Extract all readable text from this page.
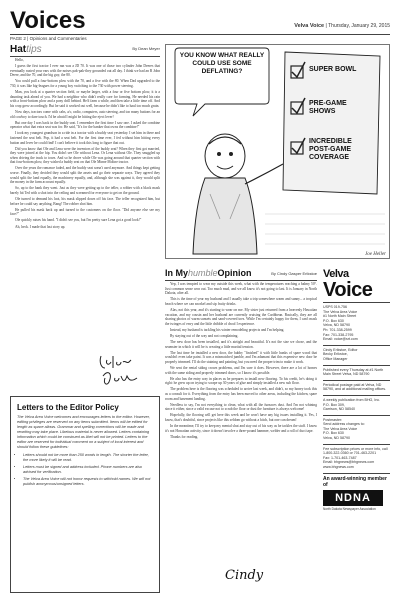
Voices	Velva Voice | Thursday, January 29, 2015
PAGE 2 | Opinions and Commentaries
Hattips	By Dean Meyer

Hello,

I guess the first tractor I ever ran was a JD 70. It was one of those two cylinder John Deeres that eventually rusted your ears with the noises pak-pak-they grounded out all day. I think we had an R John Deere, and the 70, and the big guy, the 80.

You could pull a four-bottom plow with the 70, and a five with the 80. When Dad upgraded to the 730, it was like big-leagues for a young boy switching to the 730 with power steering.

Man, you look at a quarter section field, or maybe larger, with a four or five bottom plow, it is a daunting task ahead of you. We had a neighbor who didn't really care for farming. He needed his rain with a front-bottom plow and a pony drill behind. He'd farm a while, and then take a little time off. And his crop grew accordingly. But he said it worked out well, because he didn't like to haul too much grain.

Now days, tractors come with cabs, a/c, radio, computers, auto steering, and too many buttons for an old cowboy to dare touch. I'd be afraid I might be hitting the eject lever!

But one day I was back in the buddy seat. I remember the first time I saw one. I asked the combine operator what that extra seat was for. He said, "It's for the banker that owns the combine!"

I took my youngest grandson in a ride in a tractor with a buddy seat yesterday. I set him in there and fastened the seat belt. Pop, it had a seat belt. For the first time ever, I fed without him hitting every button and lever he could find! I can't believe it took this long to figure that out.

Did you know that Ole and Lena were the inventors of the buddy seat? When they first got married, they were joined at the hip. You didn't see Ole without Lena. Or Lena without Ole. They snuggled up when driving the truck to town. And so he drove while Ole was going around that quarter section with that four-bottom plow, they wished a buddy seat on that Ole Minne Moline tractor.

Over the years the romance faded, and the buddy seat wasn't used anymore. And things kept getting worse. Finally, they decided they would split the assets and go their separate ways. They agreed they would split the land equally, the machinery equally, and, although she was against it, they would split the money in the farm account equally.

So, up to the bank they went. Just as they were getting up to the teller, a robber with a black mask barely hit Ted with a shot into the ceiling and screamed for everyone to get on the ground.

Ole turned to demand his loot, his mask slipped down off his face. The teller recognized him, but before he could say anything, Bang! The robber shot him.

He pulled his mask back up and turned to the customers on the floor. "Did anyone else see my face?"

Ole quickly raises his hand. "I didn't see you, but I'm pretty sure Lena got a good look!"

Ah, heck. I made that last story up.

YOU KNOW WHAT REALLY COULD USE SOME DEFLATING?	SUPER BOWL
PRE-GAME SHOWS
INCREDIBLE POST-GAME COVERAGE
Joe Heller
In MyhumbleOpinion	By Cindy Gasper Erikstoe

Yep, I was tempted to wear my outside this week, what with the temperatures reaching a balmy 50°. Just common sense won out. Too much mud, and we all know it's not going to last. It is January in North Dakota, after all.

This is the time of year my husband and I usually take a trip somewhere warm and sunny... a tropical beach where we can snorkel and sip fruity drinks.

Alas, not this year, and it's starting to wear on me. My sister just returned from a heavenly Hawaiian vacation, and my cousin and her husband are currently cruising the Caribbean. Basically, they are all sharing photos of warm sunsets and sand-covered toes. While I'm certainly happy for them, I can't mask the twinges of envy and the little dribble of drool I experience.

Instead, my husband is tackling his winter remodeling projects and I'm helping.

By staying out of the way and not complaining.

The new door has been installed, and it's airtight and beautiful. It's not the size we chose, and the seamster in which it will be is creating a little marital tension.

The last time he installed a new door, the hubby "finished" it with little hunks of spare wood that wouldn't even take paint. It was a mismatched jumble, and I'm adamant that this expensive new door be properly trimmed. I'll do the staining and painting, but you need the proper trim to make it work.

We sent the rental siding crown problems, and I'm sure it does. However, there are a lot of homes with the same siding and properly trimmed doors, so I know it's possible.

He also has the entry way in places as he prepares to install new flooring. To his credit, he's doing it right: he grew up on trying to scrape up 30 years of glue and simply installed a new sub floor.

The problem here is the flooring was scheduled to arrive last week, and didn't, so my honey took this as a consult for it. Everything from the entry has been moved to other areas, including the kitchen, spare room and basement landing.

Needless to say, I'm not everything to clean, what with all the furnaces dust. And I'm not whining since it either, since a valid excuse not to scrub the floor or dust the furniture is always welcome!

Hopefully, the flooring will get here this week and he won't have any big issues installing it. Yes, I know, that's doubtful, since projects like this seldom go without a hitch, but one can dream!

In the meantime, I'll try to keep my mental shut and stay out of his way as he tackles the stuff. I know it's not Hawaiian activity, since it doesn't involve a three-pound hammer, welder and a roll of duct tape.

Thanks for reading.

Cindy
Velva
Voice

USPS 019-756
The Velva Area Voice
#1 North Main Street
P.O. Box 630
Velva, ND 58790
Ph: 701-338-2599
Fax: 701-338-2795
Email: voice@srt.com

Cindy Erikstoe, Editor
Becky Erikstoe,
Office Manager

Published every Thursday at #1 North Main Street Velva, ND 58790

Periodical postage paid at Velva, ND 58790, and at additional mailing offices.

A weekly publication from BHG, Inc.
P.O. Box 309,
Garrison, ND 58540

Postmaster:
Send address changes to:
The Velva Area Voice
P.O. Box 630
Velva, ND 58790

Fee subscription prices or more info, call 1-800-322-0360 or 701-463-2201
Fax: 1-701-463-7487
Email: bhgnews@bhgnews.com
www.bhgnews.com

An award-winning member of
NDNA
North Dakota Newspaper Association
Letters to the Editor Policy

The Velva Area Voice welcomes and encourages letters to the editor. However, editing privileges are reserved on any items submitted. Items will be edited for length as space allows. Grammar and spelling corrections will be made and rewriting may take place. Libelous material is never allowed. Letters containing information which could be construed as libel will not be printed. Letters to the editor are reserved for individual comment on a subject of local interest and should follow these guidelines:

• Letters should not be more than 250 words in length. The shorter the letter, the more likely it will be read.
• Letters must be signed and address included. Phone numbers are also advised for verification.
• The Velva Area Voice will not honor requests to withhold names. We will not publish anonymous/unsigned letters.
